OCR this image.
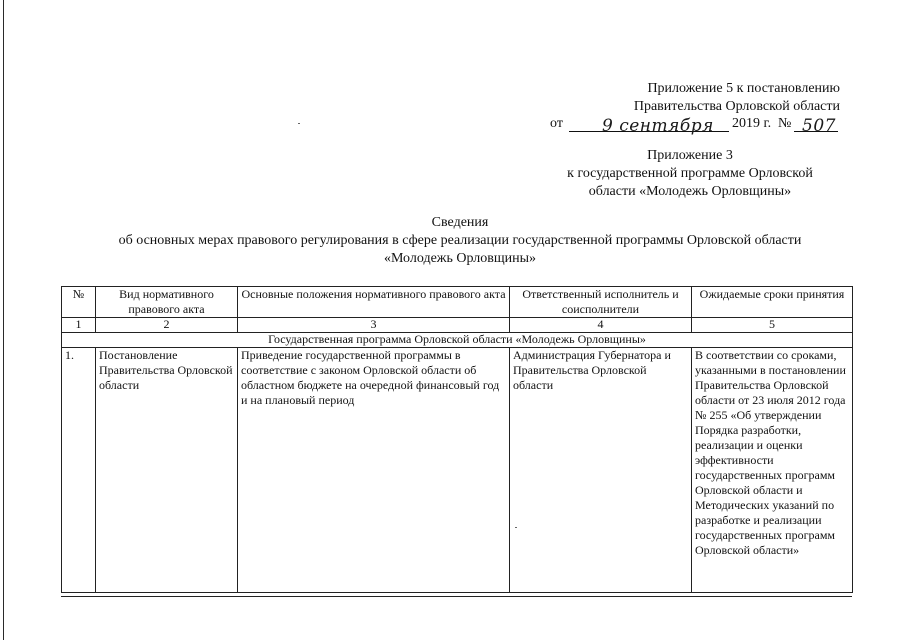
Приложение 5 к постановлению
Правительства Орловской области
от 9 сентября 2019 г. № 507
Приложение 3
к государственной программе Орловской
области «Молодежь Орловщины»
Сведения
об основных мерах правового регулирования в сфере реализации государственной программы Орловской области
«Молодежь Орловщины»
№	Вид нормативного правового акта	Основные положения нормативного правового акта	Ответственный исполнитель и соисполнители	Ожидаемые сроки принятия
1	2	3	4	5
Государственная программа Орловской области «Молодежь Орловщины»				
1.	Постановление Правительства Орловской области	Приведение государственной программы в соответствие с законом Орловской области об областном бюджете на очередной финансовый год и на плановый период	Администрация Губернатора и Правительства Орловской области	В соответствии со сроками, указанными в постановлении Правительства Орловской области от 23 июля 2012 года № 255 «Об утверждении Порядка разработки, реализации и оценки эффективности государственных программ Орловской области и Методических указаний по разработке и реализации государственных программ Орловской области»
